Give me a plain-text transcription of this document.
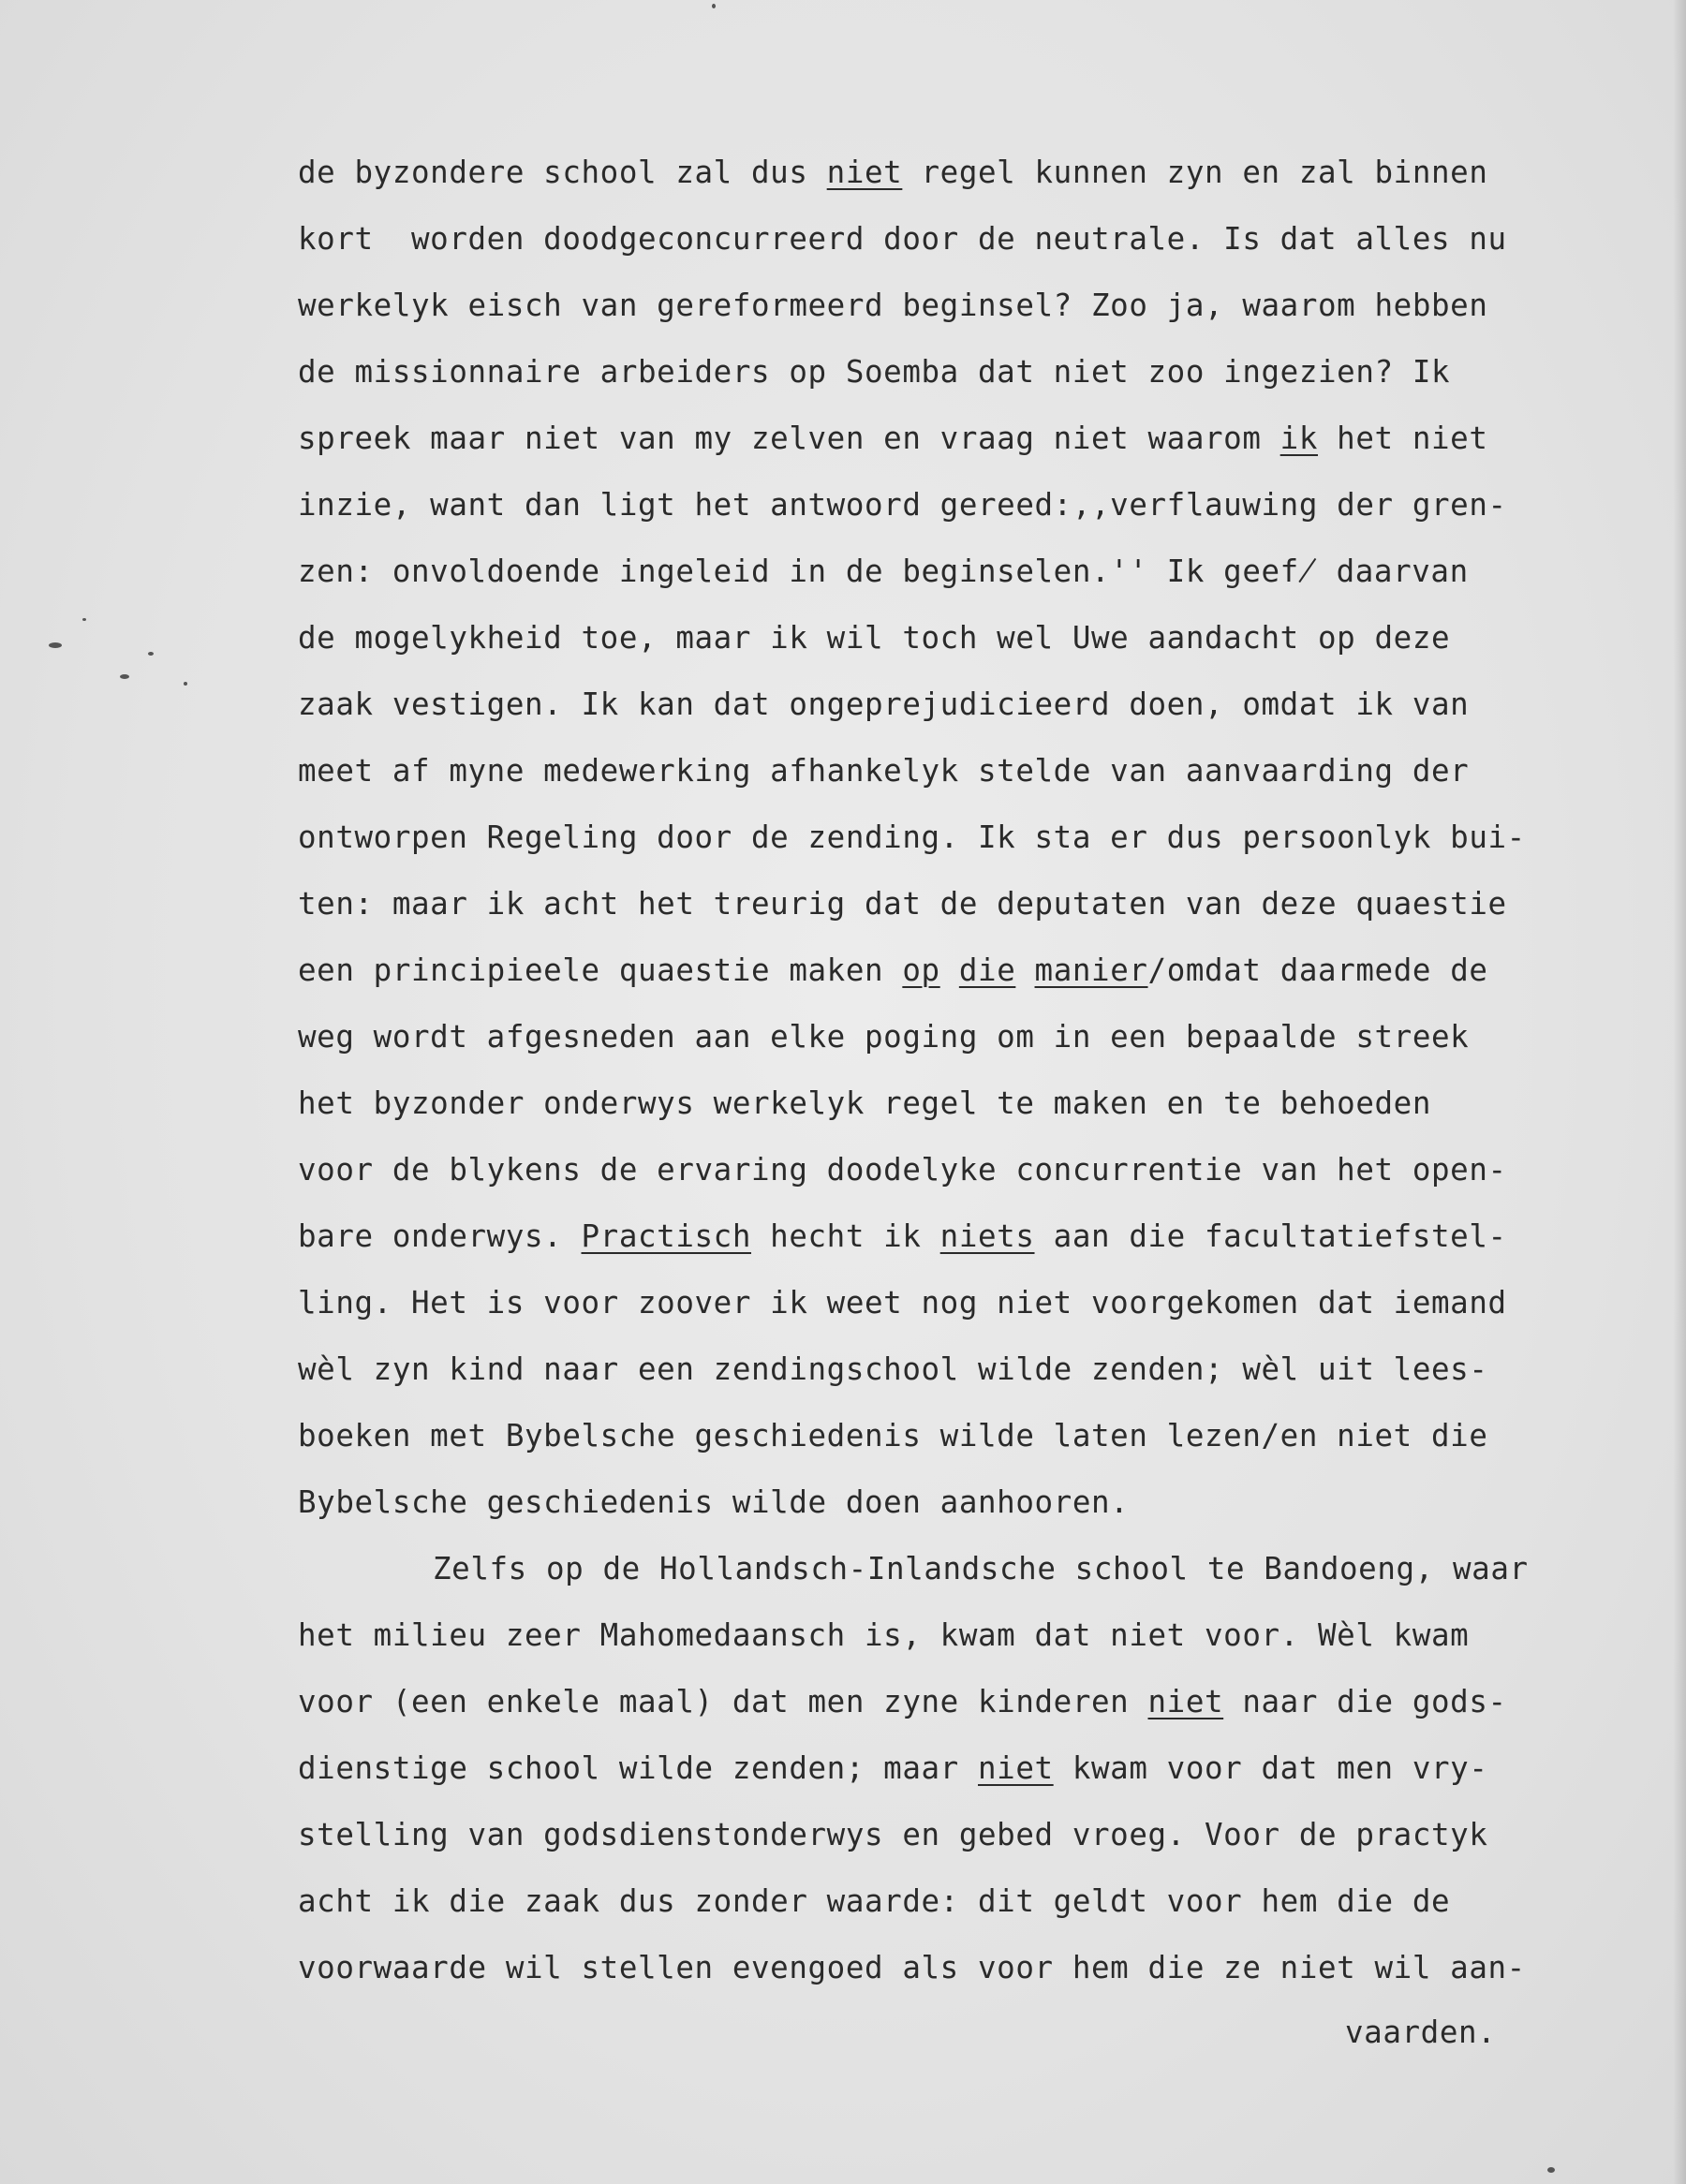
de byzondere school zal dus niet regel kunnen zyn en zal binnen
kort  worden doodgeconcurreerd door de neutrale. Is dat alles nu
werkelyk eisch van gereformeerd beginsel? Zoo ja, waarom hebben
de missionnaire arbeiders op Soemba dat niet zoo ingezien? Ik
spreek maar niet van my zelven en vraag niet waarom ik het niet
inzie, want dan ligt het antwoord gereed:,,verflauwing der gren-
zen: onvoldoende ingeleid in de beginselen.'' Ik geef̸ daarvan
de mogelykheid toe, maar ik wil toch wel Uwe aandacht op deze
zaak vestigen. Ik kan dat ongeprejudicieerd doen, omdat ik van
meet af myne medewerking afhankelyk stelde van aanvaarding der
ontworpen Regeling door de zending. Ik sta er dus persoonlyk bui-
ten: maar ik acht het treurig dat de deputaten van deze quaestie
een principieele quaestie maken op die manier/omdat daarmede de
weg wordt afgesneden aan elke poging om in een bepaalde streek
het byzonder onderwys werkelyk regel te maken en te behoeden
voor de blykens de ervaring doodelyke concurrentie van het open-
bare onderwys. Practisch hecht ik niets aan die facultatiefstel-
ling. Het is voor zoover ik weet nog niet voorgekomen dat iemand
wèl zyn kind naar een zendingschool wilde zenden; wèl uit lees-
boeken met Bybelsche geschiedenis wilde laten lezen/en niet die
Bybelsche geschiedenis wilde doen aanhooren.
Zelfs op de Hollandsch-Inlandsche school te Bandoeng, waar
het milieu zeer Mahomedaansch is, kwam dat niet voor. Wèl kwam
voor (een enkele maal) dat men zyne kinderen niet naar die gods-
dienstige school wilde zenden; maar niet kwam voor dat men vry-
stelling van godsdienstonderwys en gebed vroeg. Voor de practyk
acht ik die zaak dus zonder waarde: dit geldt voor hem die de
voorwaarde wil stellen evengoed als voor hem die ze niet wil aan-
vaarden.
